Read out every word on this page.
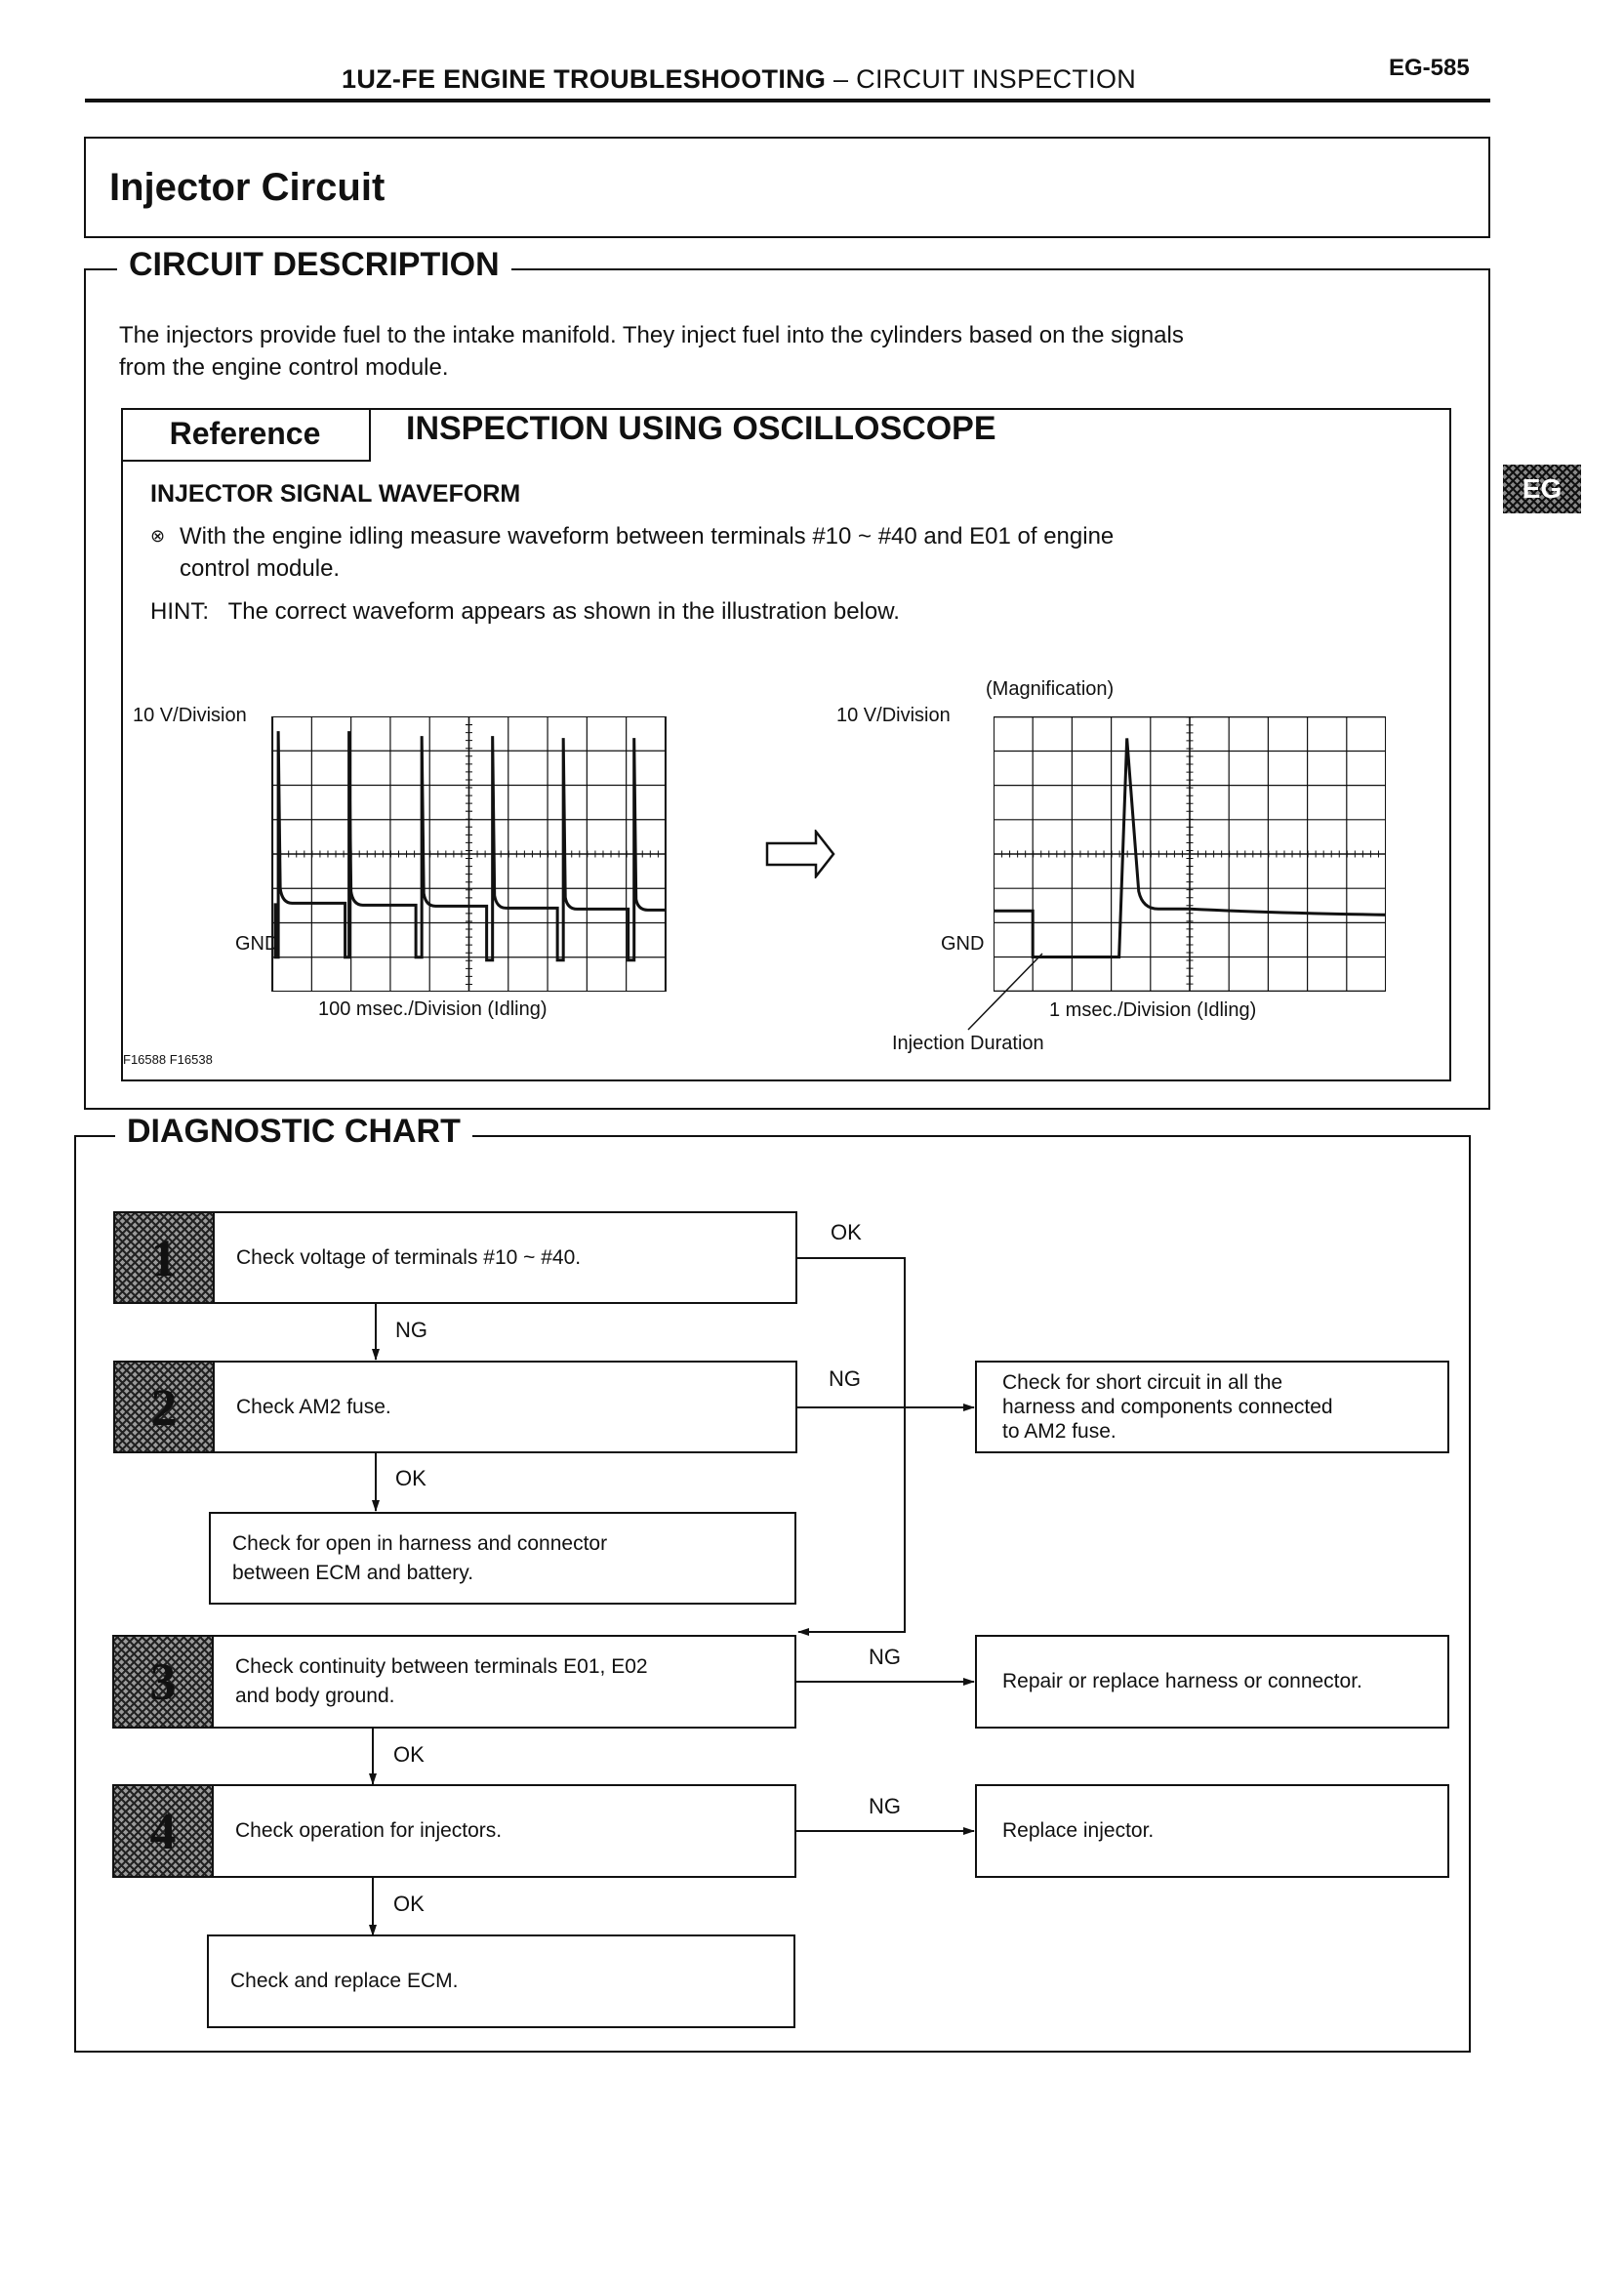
1UZ-FE ENGINE TROUBLESHOOTING – CIRCUIT INSPECTION	EG-585
EG
Injector Circuit
CIRCUIT DESCRIPTION
The injectors provide fuel to the intake manifold. They inject fuel into the cylinders based on the signals
from the engine control module.
Reference	INSPECTION USING OSCILLOSCOPE
INJECTOR SIGNAL WAVEFORM
⊗ With the engine idling measure waveform between terminals #10 ~ #40 and E01 of engine
control module.
HINT: The correct waveform appears as shown in the illustration below.
10 V/Division
GND
100 msec./Division (Idling)
F16588 F16538
(Magnification)
10 V/Division
GND
1 msec./Division (Idling)
Injection Duration
DIAGNOSTIC CHART
1	Check voltage of terminals #10 ~ #40.
OK
NG
2	Check AM2 fuse.
NG
OK
Check for short circuit in all the
harness and components connected
to AM2 fuse.
Check for open in harness and connector
between ECM and battery.
3	Check continuity between terminals E01, E02
and body ground.
NG
OK
Repair or replace harness or connector.
4	Check operation for injectors.
NG
OK
Replace injector.
Check and replace ECM.
